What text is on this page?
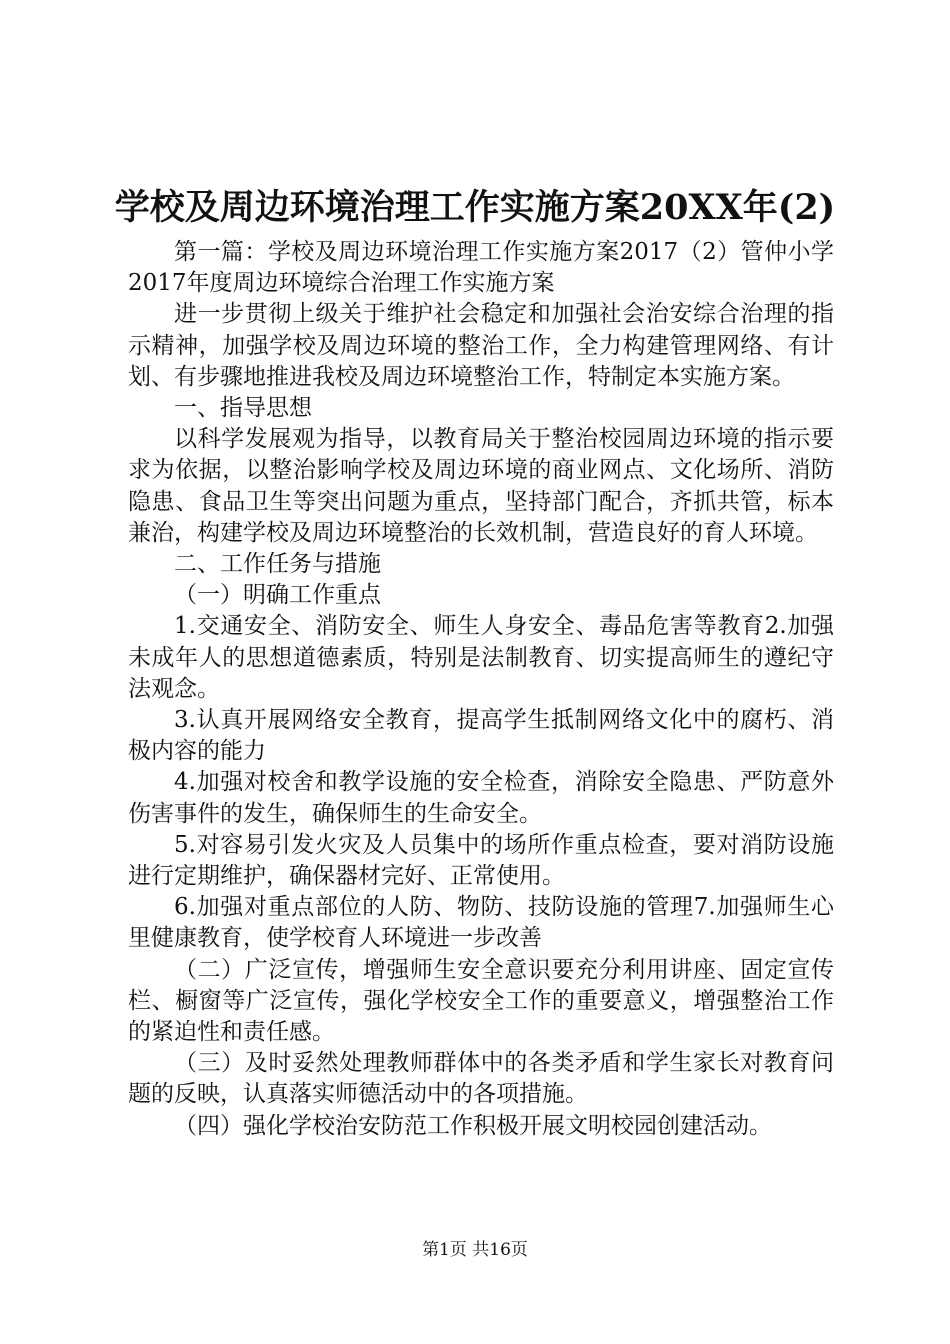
学校及周边环境治理工作实施方案20XX年(2)

第一篇：学校及周边环境治理工作实施方案2017（2）管仲小学2017年度周边环境综合治理工作实施方案

进一步贯彻上级关于维护社会稳定和加强社会治安综合治理的指示精神，加强学校及周边环境的整治工作，全力构建管理网络、有计划、有步骤地推进我校及周边环境整治工作，特制定本实施方案。

一、指导思想

以科学发展观为指导，以教育局关于整治校园周边环境的指示要求为依据，以整治影响学校及周边环境的商业网点、文化场所、消防隐患、食品卫生等突出问题为重点，坚持部门配合，齐抓共管，标本兼治，构建学校及周边环境整治的长效机制，营造良好的育人环境。

二、工作任务与措施

（一）明确工作重点

1.交通安全、消防安全、师生人身安全、毒品危害等教育2.加强未成年人的思想道德素质，特别是法制教育、切实提高师生的遵纪守法观念。

3.认真开展网络安全教育，提高学生抵制网络文化中的腐朽、消极内容的能力

4.加强对校舍和教学设施的安全检查，消除安全隐患、严防意外伤害事件的发生，确保师生的生命安全。

5.对容易引发火灾及人员集中的场所作重点检查，要对消防设施进行定期维护，确保器材完好、正常使用。

6.加强对重点部位的人防、物防、技防设施的管理7.加强师生心里健康教育，使学校育人环境进一步改善

（二）广泛宣传，增强师生安全意识要充分利用讲座、固定宣传栏、橱窗等广泛宣传，强化学校安全工作的重要意义，增强整治工作的紧迫性和责任感。

（三）及时妥然处理教师群体中的各类矛盾和学生家长对教育问题的反映，认真落实师德活动中的各项措施。

（四）强化学校治安防范工作积极开展文明校园创建活动。

第1页 共16页
